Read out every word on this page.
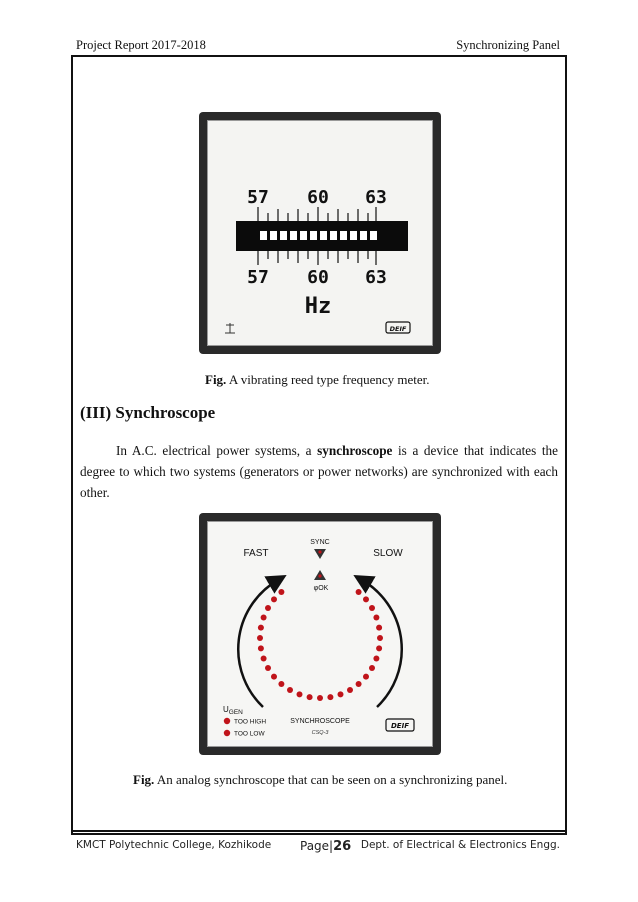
Project Report 2017-2018	Synchronizing Panel
57 60 63
57 60 63
Hz
DEIF
Fig. A vibrating reed type frequency meter.
(III) Synchroscope
In A.C. electrical power systems, a synchroscope is a device that indicates the degree to which two systems (generators or power networks) are synchronized with each other.
FAST	SLOW
SYNC
φOK
$U_{GEN}$
TOO HIGH
TOO LOW
SYNCHROSCOPE
CSQ-3
DEIF
Fig. An analog synchroscope that can be seen on a synchronizing panel.
KMCT Polytechnic College, Kozhikode Page|26 Dept. of Electrical & Electronics Engg.
